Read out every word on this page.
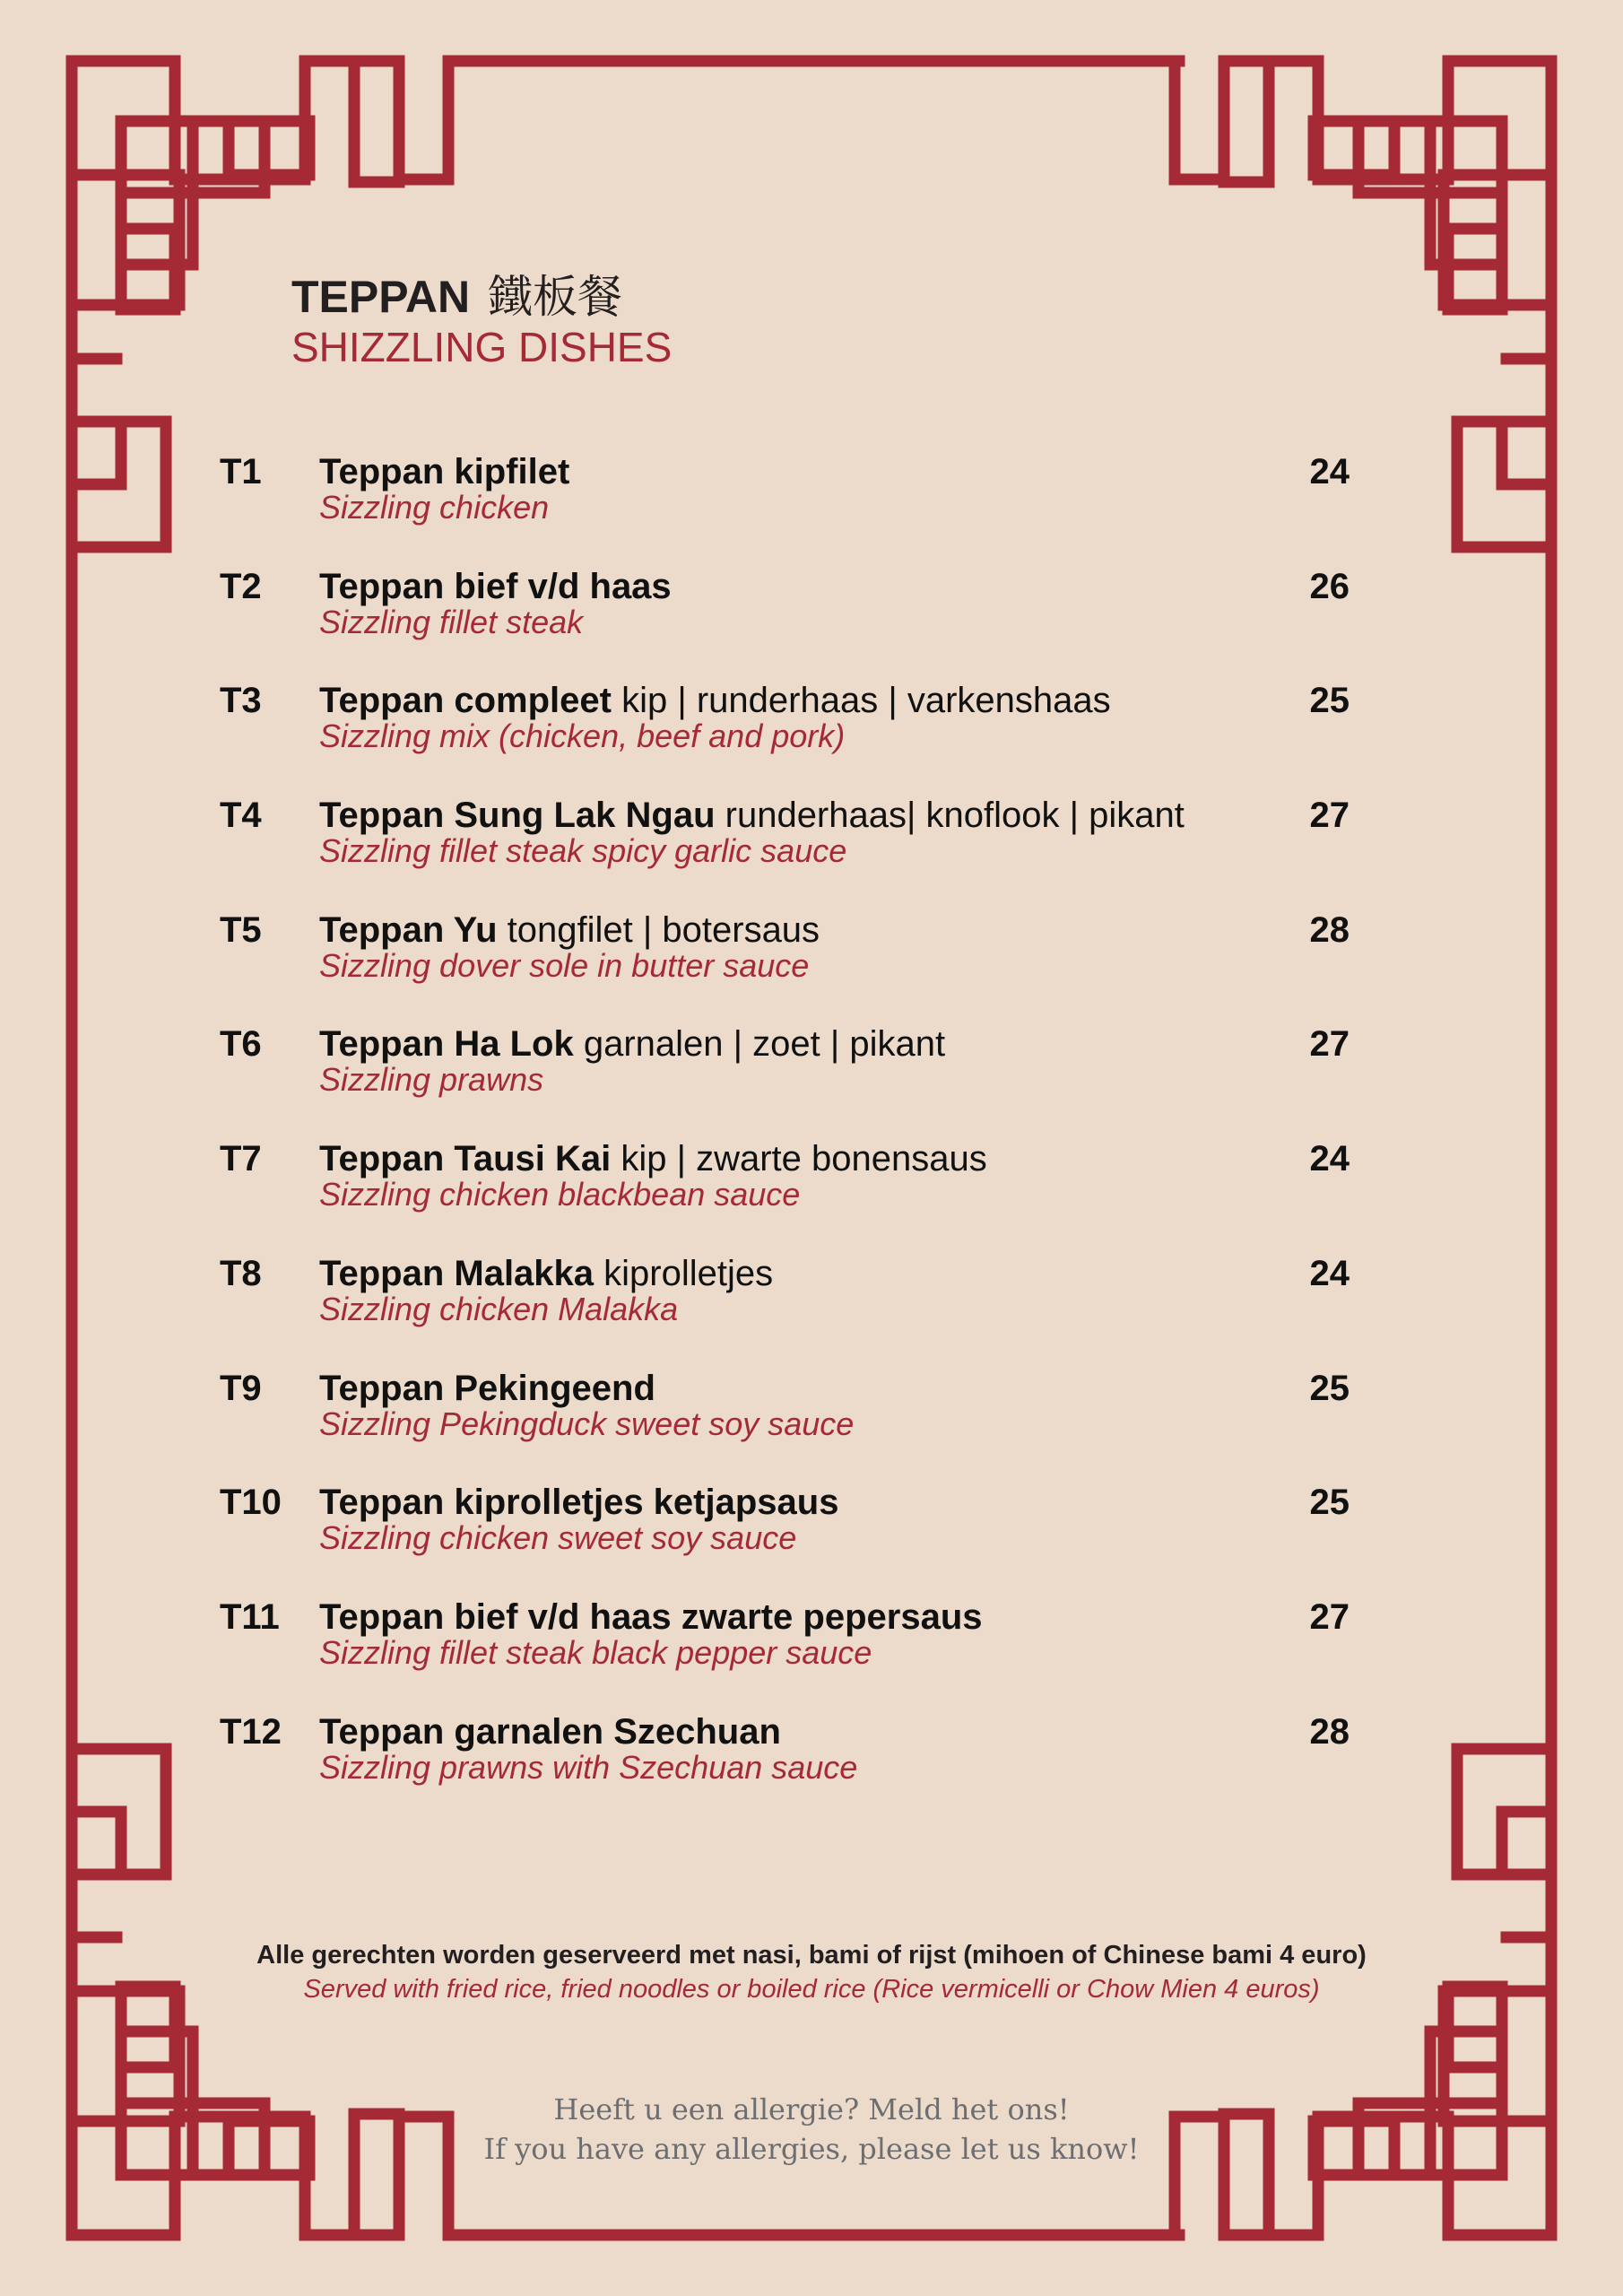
TEPPAN 鐵板餐
SHIZZLING DISHES
T1 Teppan kipfilet
Sizzling chicken
24
T2 Teppan bief v/d haas
Sizzling fillet steak
26
T3 Teppan compleet kip | runderhaas | varkenshaas
Sizzling mix (chicken, beef and pork)
25
T4 Teppan Sung Lak Ngau runderhaas| knoflook | pikant
Sizzling fillet steak spicy garlic sauce
27
T5 Teppan Yu tongfilet | botersaus
Sizzling dover sole in butter sauce
28
T6 Teppan Ha Lok garnalen | zoet | pikant
Sizzling prawns
27
T7 Teppan Tausi Kai kip | zwarte bonensaus
Sizzling chicken blackbean sauce
24
T8 Teppan Malakka kiprolletjes
Sizzling chicken Malakka
24
T9 Teppan Pekingeend
Sizzling Pekingduck sweet soy sauce
25
T10 Teppan kiprolletjes ketjapsaus
Sizzling chicken sweet soy sauce
25
T11 Teppan bief v/d haas zwarte pepersaus
Sizzling fillet steak black pepper sauce
27
T12 Teppan garnalen Szechuan
Sizzling prawns with Szechuan sauce
28
Alle gerechten worden geserveerd met nasi, bami of rijst (mihoen of Chinese bami 4 euro)
Served with fried rice, fried noodles or boiled rice (Rice vermicelli or Chow Mien 4 euros)
Heeft u een allergie? Meld het ons!
If you have any allergies, please let us know!
